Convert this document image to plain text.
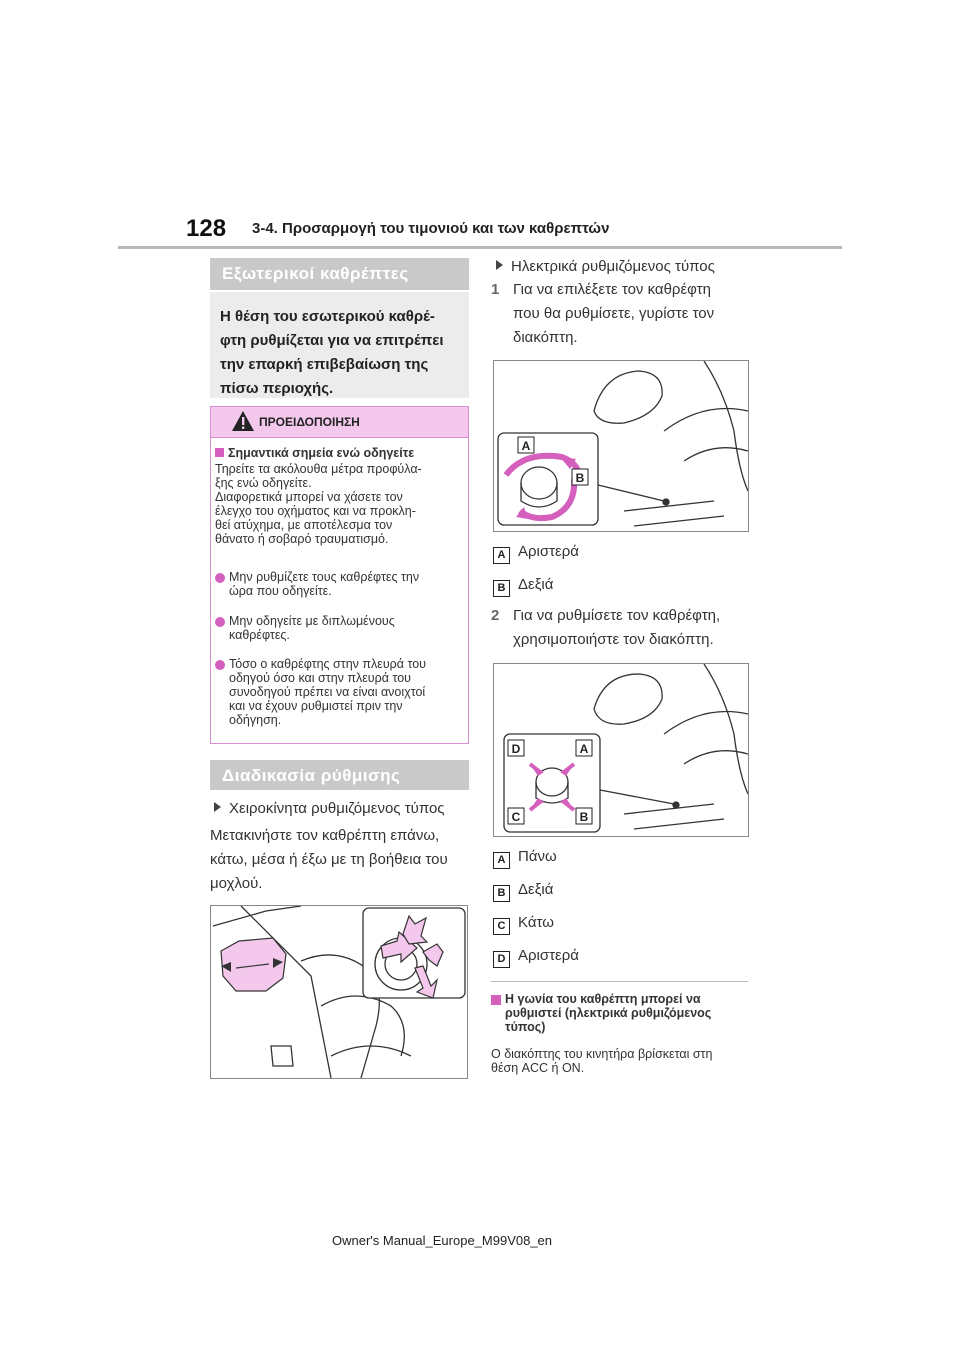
128 3-4. Προσαρμογή του τιμονιού και των καθρεπτών
Εξωτερικοί καθρέπτες

Η θέση του εσωτερικού καθρέ-
φτη ρυθμίζεται για να επιτρέπει
την επαρκή επιβεβαίωση της
πίσω περιοχής.

ΠΡΟΕΙΔΟΠΟΙΗΣΗ
Σημαντικά σημεία ενώ οδηγείτε
Τηρείτε τα ακόλουθα μέτρα προφύλα-
ξης ενώ οδηγείτε.
Διαφορετικά μπορεί να χάσετε τον
έλεγχο του οχήματος και να προκλη-
θεί ατύχημα, με αποτέλεσμα τον
θάνατο ή σοβαρό τραυματισμό.
Μην ρυθμίζετε τους καθρέφτες την
ώρα που οδηγείτε.
Μην οδηγείτε με διπλωμένους
καθρέφτες.
Τόσο ο καθρέφτης στην πλευρά του
οδηγού όσο και στην πλευρά του
συνοδηγού πρέπει να είναι ανοιχτοί
και να έχουν ρυθμιστεί πριν την
οδήγηση.
Διαδικασία ρύθμισης
Χειροκίνητα ρυθμιζόμενος τύπος
Μετακινήστε τον καθρέπτη επάνω,
κάτω, μέσα ή έξω με τη βοήθεια του
μοχλού.
Ηλεκτρικά ρυθμιζόμενος τύπος
1 Για να επιλέξετε τον καθρέφτη
που θα ρυθμίσετε, γυρίστε τον
διακόπτη.
A
B
A Αριστερά
B Δεξιά
2 Για να ρυθμίσετε τον καθρέφτη,
χρησιμοποιήστε τον διακόπτη.
D	A
C	B
A Πάνω
B Δεξιά
C Κάτω
D Αριστερά
Η γωνία του καθρέπτη μπορεί να
ρυθμιστεί (ηλεκτρικά ρυθμιζόμενος
τύπος)
Ο διακόπτης του κινητήρα βρίσκεται στη
θέση ACC ή ON.
Owner's Manual_Europe_M99V08_en
